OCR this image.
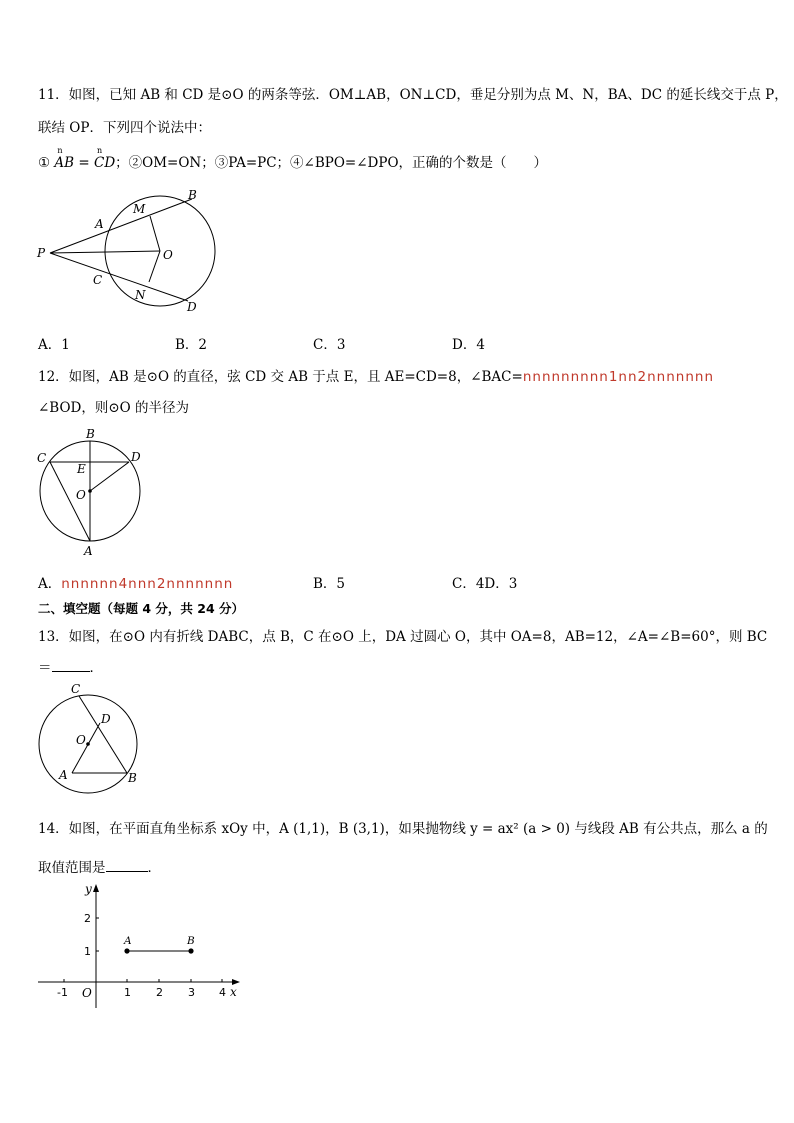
11．如图，已知 AB 和 CD 是⊙O 的两条等弦．OM⊥AB，ON⊥CD，垂足分别为点 M、N，BA、DC 的延长线交于点 P，
联结 OP．下列四个说法中：
①
n
AB =
n
CD；②OM=ON；③PA=PC；④∠BPO=∠DPO，正确的个数是（　　）
B
A
M
P	O
C
N
D
A．1	B．2	C．3	D．4
12．如图，AB 是⊙O 的直径，弦 CD 交 AB 于点 E，且 AE=CD=8，∠BAC=nnnnnnnnn1nn2nnnnnnn
∠BOD，则⊙O 的半径为
B
C	D
E
O
A
A．nnnnnn4nnn2nnnnnnn	B．5	C．4D．3
二、填空题（每题 4 分，共 24 分）
13．如图，在⊙O 内有折线 DABC，点 B，C 在⊙O 上，DA 过圆心 O，其中 OA=8，AB=12，∠A=∠B=60°，则 BC
＝	．
C
D
O
A	B
14．如图，在平面直角坐标系 xOy 中，A (1,1)，B (3,1)，如果抛物线 y = ax² (a > 0) 与线段 AB 有公共点，那么 a 的
取值范围是	．
-1	1 2 3 4
1
2
x
y
O
A	B
